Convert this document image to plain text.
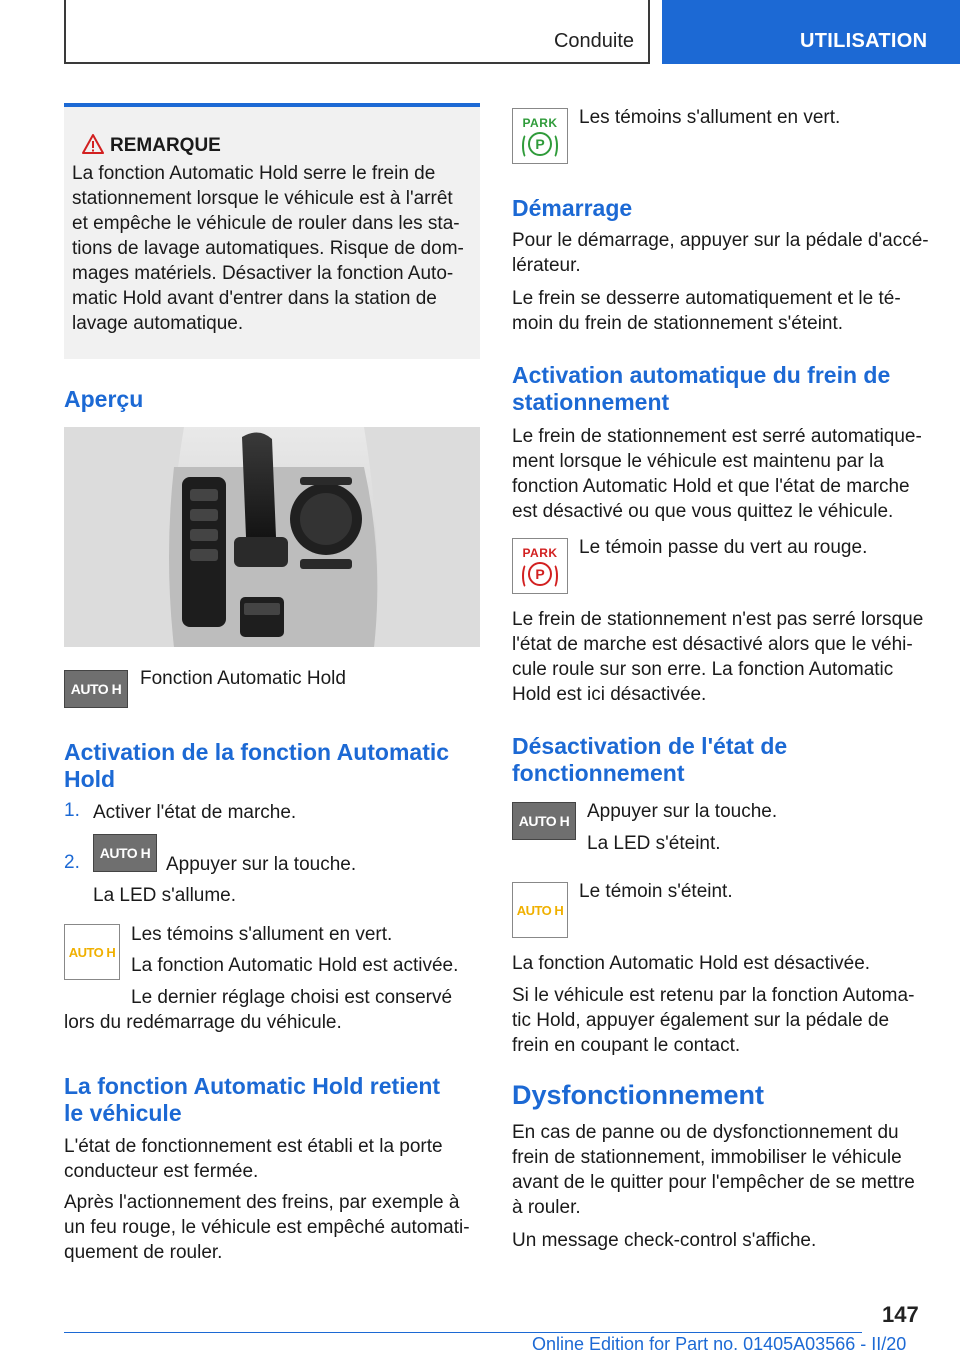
Conduite	UTILISATION
REMARQUE

La fonction Automatic Hold serre le frein de

stationnement lorsque le véhicule est à l'arrêt

et empêche le véhicule de rouler dans les sta-

tions de lavage automatiques. Risque de dom-

mages matériels. Désactiver la fonction Auto-

matic Hold avant d'entrer dans la station de

lavage automatique.

Aperçu
AUTO H Fonction Automatic Hold

Activation de la fonction Automatic
Hold
1. Activer l'état de marche.

2. AUTO H

Appuyer sur la touche.

La LED s'allume.

AUTO H

Les témoins s'allument en vert.

La fonction Automatic Hold est activée.

Le dernier réglage choisi est conservé

lors du redémarrage du véhicule.

La fonction Automatic Hold retient
le véhicule

L'état de fonctionnement est établi et la porte

conducteur est fermée.

Après l'actionnement des freins, par exemple à

un feu rouge, le véhicule est empêché automati-

quement de rouler.

PARK
P

Les témoins s'allument en vert.

Démarrage

Pour le démarrage, appuyer sur la pédale d'accé-

lérateur.

Le frein se desserre automatiquement et le té-

moin du frein de stationnement s'éteint.

Activation automatique du frein de
stationnement

Le frein de stationnement est serré automatique-

ment lorsque le véhicule est maintenu par la

fonction Automatic Hold et que l'état de marche

est désactivé ou que vous quittez le véhicule.

PARK
P

Le témoin passe du vert au rouge.

Le frein de stationnement n'est pas serré lorsque

l'état de marche est désactivé alors que le véhi-

cule roule sur son erre. La fonction Automatic

Hold est ici désactivée.

Désactivation de l'état de
fonctionnement
AUTO H Appuyer sur la touche.

La LED s'éteint.

AUTO H

Le témoin s'éteint.

La fonction Automatic Hold est désactivée.

Si le véhicule est retenu par la fonction Automa-

tic Hold, appuyer également sur la pédale de

frein en coupant le contact.

Dysfonctionnement

En cas de panne ou de dysfonctionnement du

frein de stationnement, immobiliser le véhicule

avant de le quitter pour l'empêcher de se mettre

à rouler.

Un message check-control s'affiche.

147
Online Edition for Part no. 01405A03566 - II/20
